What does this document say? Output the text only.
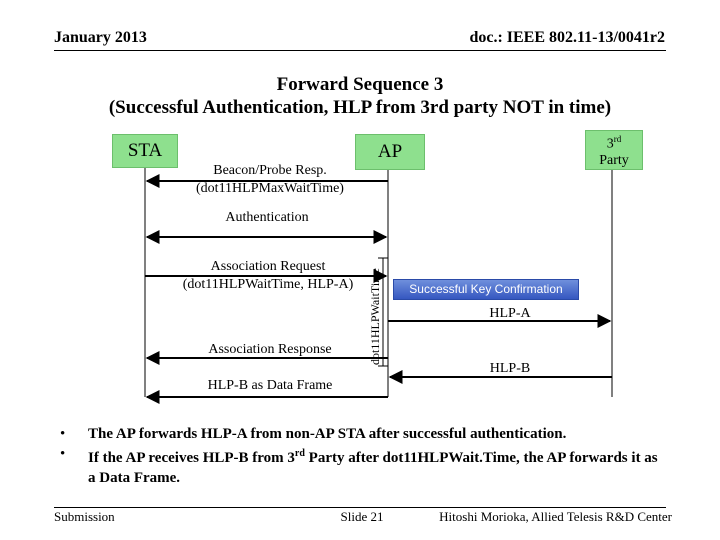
January 2013	doc.: IEEE 802.11-13/0041r2
Forward Sequence 3
(Successful Authentication, HLP from 3rd party NOT in time)
STA	AP	3rd
Party
Beacon/Probe Resp.
(dot11HLPMaxWaitTime)
Authentication
Association Request
(dot11HLPWaitTime, HLP-A)	Successful Key Confirmation
HLP-A
Association Response
HLP-B
HLP-B as Data Frame
dot11HLPWaitTime
• The AP forwards HLP-A from non-AP STA after successful authentication.
• If the AP receives HLP-B from 3rd Party after dot11HLPWait.Time, the AP forwards it as a Data Frame.
Submission	Slide 21	Hitoshi Morioka, Allied Telesis R&D Center
